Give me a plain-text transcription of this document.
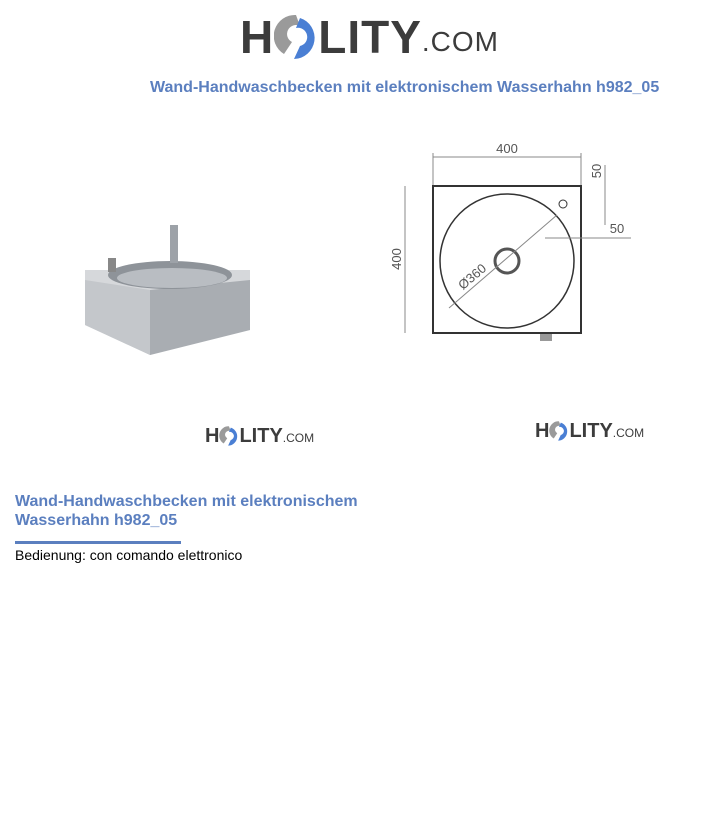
H LITY .COM
Wand-Handwaschbecken mit elektronischem Wasserhahn h982_05
400
400
50
50
Ø360
H LITY .COM	H LITY .COM
Wand-Handwaschbecken mit elektronischem Wasserhahn h982_05
Bedienung: con comando elettronico
